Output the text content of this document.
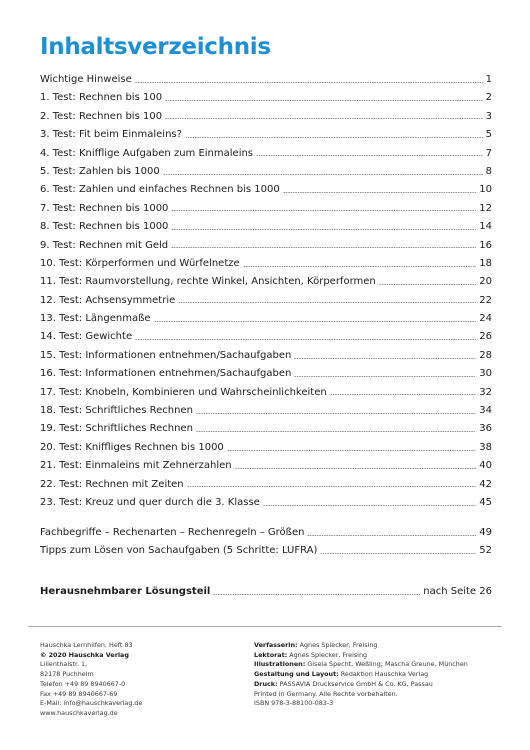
Inhaltsverzeichnis
Wichtige Hinweise	1
1. Test: Rechnen bis 100	2
2. Test: Rechnen bis 100	3
3. Test: Fit beim Einmaleins?	5
4. Test: Knifflige Aufgaben zum Einmaleins	7
5. Test: Zahlen bis 1000	8
6. Test: Zahlen und einfaches Rechnen bis 1000	10
7. Test: Rechnen bis 1000	12
8. Test: Rechnen bis 1000	14
9. Test: Rechnen mit Geld	16
10. Test: Körperformen und Würfelnetze	18
11. Test: Raumvorstellung, rechte Winkel, Ansichten, Körperformen	20
12. Test: Achsensymmetrie	22
13. Test: Längenmaße	24
14. Test: Gewichte	26
15. Test: Informationen entnehmen/Sachaufgaben	28
16. Test: Informationen entnehmen/Sachaufgaben	30
17. Test: Knobeln, Kombinieren und Wahrscheinlichkeiten	32
18. Test: Schriftliches Rechnen	34
19. Test: Schriftliches Rechnen	36
20. Test: Kniffliges Rechnen bis 1000	38
21. Test: Einmaleins mit Zehnerzahlen	40
22. Test: Rechnen mit Zeiten	42
23. Test: Kreuz und quer durch die 3. Klasse	45
Fachbegriffe – Rechenarten – Rechenregeln – Größen	49
Tipps zum Lösen von Sachaufgaben (5 Schritte: LUFRA)	52
Herausnehmbarer Lösungsteil	nach Seite 26
Hauschka Lernhilfen, Heft 83
© 2020 Hauschka Verlag
Lilienthalstr. 1,
82178 Puchheim
Telefon +49 89 8940667-0
Fax +49 89 8940667-69
E-Mail: info@hauschkaverlag.de
www.hauschkaverlag.de
Verfasserin: Agnes Spiecker, Freising
Lektorat: Agnes Spiecker, Freising
Illustrationen: Gisela Specht, Weßling; Mascha Greune, München
Gestaltung und Layout: Redaktion Hauschka Verlag
Druck: PASSAVIA Druckservice GmbH & Co. KG, Passau
Printed in Germany. Alle Rechte vorbehalten.
ISBN 978-3-88100-083-3
